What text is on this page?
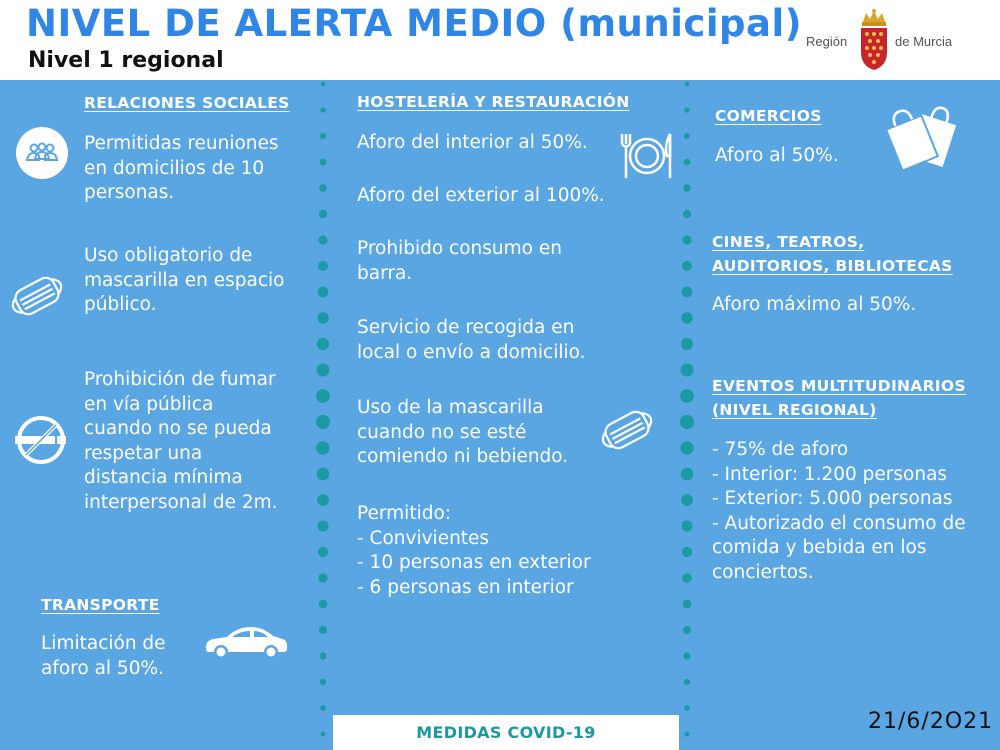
NIVEL DE ALERTA MEDIO (municipal)
Nivel 1 regional
Región	de Murcia
RELACIONES SOCIALES
Permitidas reuniones
en domicilios de 10
personas.
Uso obligatorio de
mascarilla en espacio
público.
Prohibición de fumar
en vía pública
cuando no se pueda
respetar una
distancia mínima
interpersonal de 2m.
TRANSPORTE
Limitación de
aforo al 50%.
HOSTELERÍA Y RESTAURACIÓN
Aforo del interior al 50%.
Aforo del exterior al 100%.
Prohibido consumo en
barra.
Servicio de recogida en
local o envío a domicilio.
Uso de la mascarilla
cuando no se esté
comiendo ni bebiendo.
Permitido:
- Convivientes
- 10 personas en exterior
- 6 personas en interior
COMERCIOS
Aforo al 50%.
CINES, TEATROS,
AUDITORIOS, BIBLIOTECAS
Aforo máximo al 50%.
EVENTOS MULTITUDINARIOS
(NIVEL REGIONAL)
- 75% de aforo
- Interior: 1.200 personas
- Exterior: 5.000 personas
- Autorizado el consumo de
comida y bebida en los
conciertos.
MEDIDAS COVID-19	21/6/2O21
